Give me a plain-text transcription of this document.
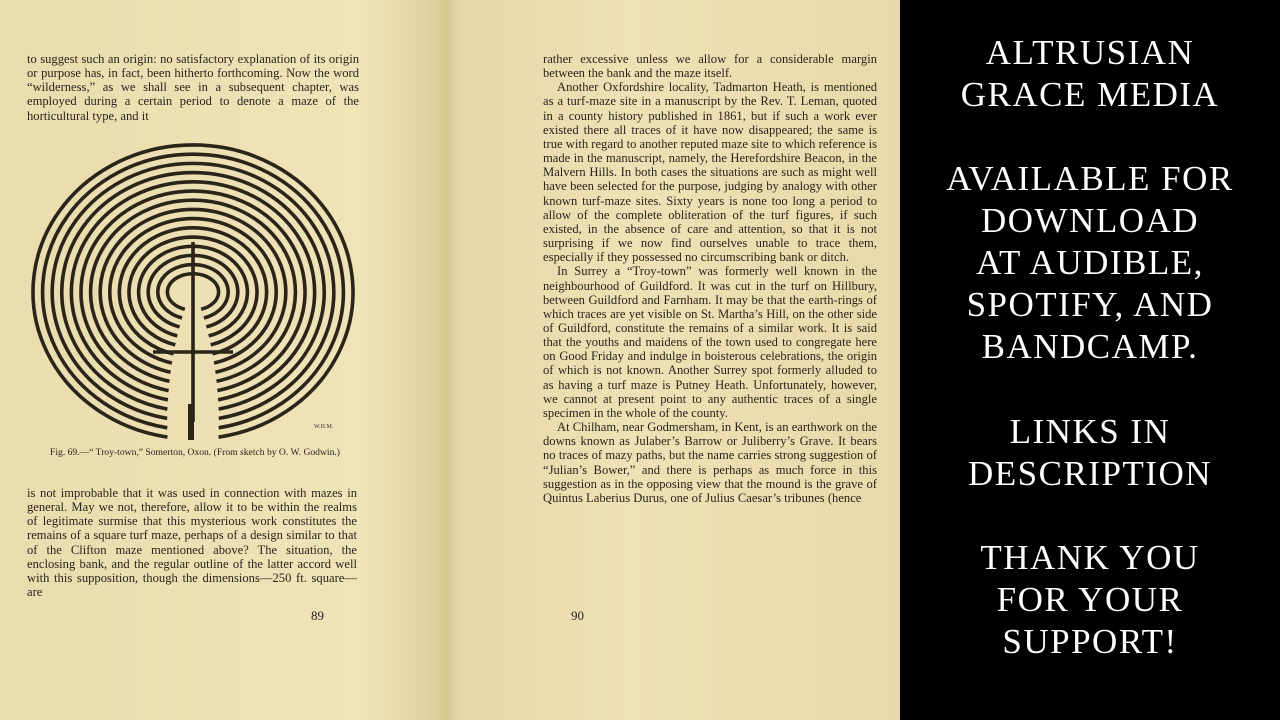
to suggest such an origin: no satisfactory explanation of its origin or purpose has, in fact, been hitherto forthcoming. Now the word “wilderness,” as we shall see in a subsequent chapter, was employed during a certain period to denote a maze of the horticultural type, and it

W.H.M.
Fig. 69.—“ Troy-town,” Somerton, Oxon. (From sketch by O. W. Godwin.)

is not improbable that it was used in connection with mazes in general. May we not, therefore, allow it to be within the realms of legitimate surmise that this mysterious work constitutes the remains of a square turf maze, perhaps of a design similar to that of the Clifton maze mentioned above? The situation, the enclosing bank, and the regular outline of the latter accord well with this supposition, though the dimensions—250 ft. square—are

89

rather excessive unless we allow for a considerable margin between the bank and the maze itself.

Another Oxfordshire locality, Tadmarton Heath, is mentioned as a turf-maze site in a manuscript by the Rev. T. Leman, quoted in a county history published in 1861, but if such a work ever existed there all traces of it have now disappeared; the same is true with regard to another reputed maze site to which reference is made in the manuscript, namely, the Herefordshire Beacon, in the Malvern Hills. In both cases the situations are such as might well have been selected for the purpose, judging by analogy with other known turf-maze sites. Sixty years is none too long a period to allow of the complete obliteration of the turf figures, if such existed, in the absence of care and attention, so that it is not surprising if we now find ourselves unable to trace them, especially if they possessed no circumscribing bank or ditch.

In Surrey a “Troy-town” was formerly well known in the neighbourhood of Guildford. It was cut in the turf on Hillbury, between Guildford and Farnham. It may be that the earth-rings of which traces are yet visible on St. Martha’s Hill, on the other side of Guildford, constitute the remains of a similar work. It is said that the youths and maidens of the town used to congregate here on Good Friday and indulge in boisterous celebrations, the origin of which is not known. Another Surrey spot formerly alluded to as having a turf maze is Putney Heath. Unfortunately, however, we cannot at present point to any authentic traces of a single specimen in the whole of the county.

At Chilham, near Godmersham, in Kent, is an earthwork on the downs known as Julaber’s Barrow or Juliberry’s Grave. It bears no traces of mazy paths, but the name carries strong suggestion of “Julian’s Bower,” and there is perhaps as much force in this suggestion as in the opposing view that the mound is the grave of Quintus Laberius Durus, one of Julius Caesar’s tribunes (hence

90
ALTRUSIAN
GRACE MEDIA
AVAILABLE FOR
DOWNLOAD
AT AUDIBLE,
SPOTIFY, AND
BANDCAMP.
LINKS IN
DESCRIPTION
THANK YOU
FOR YOUR
SUPPORT!
